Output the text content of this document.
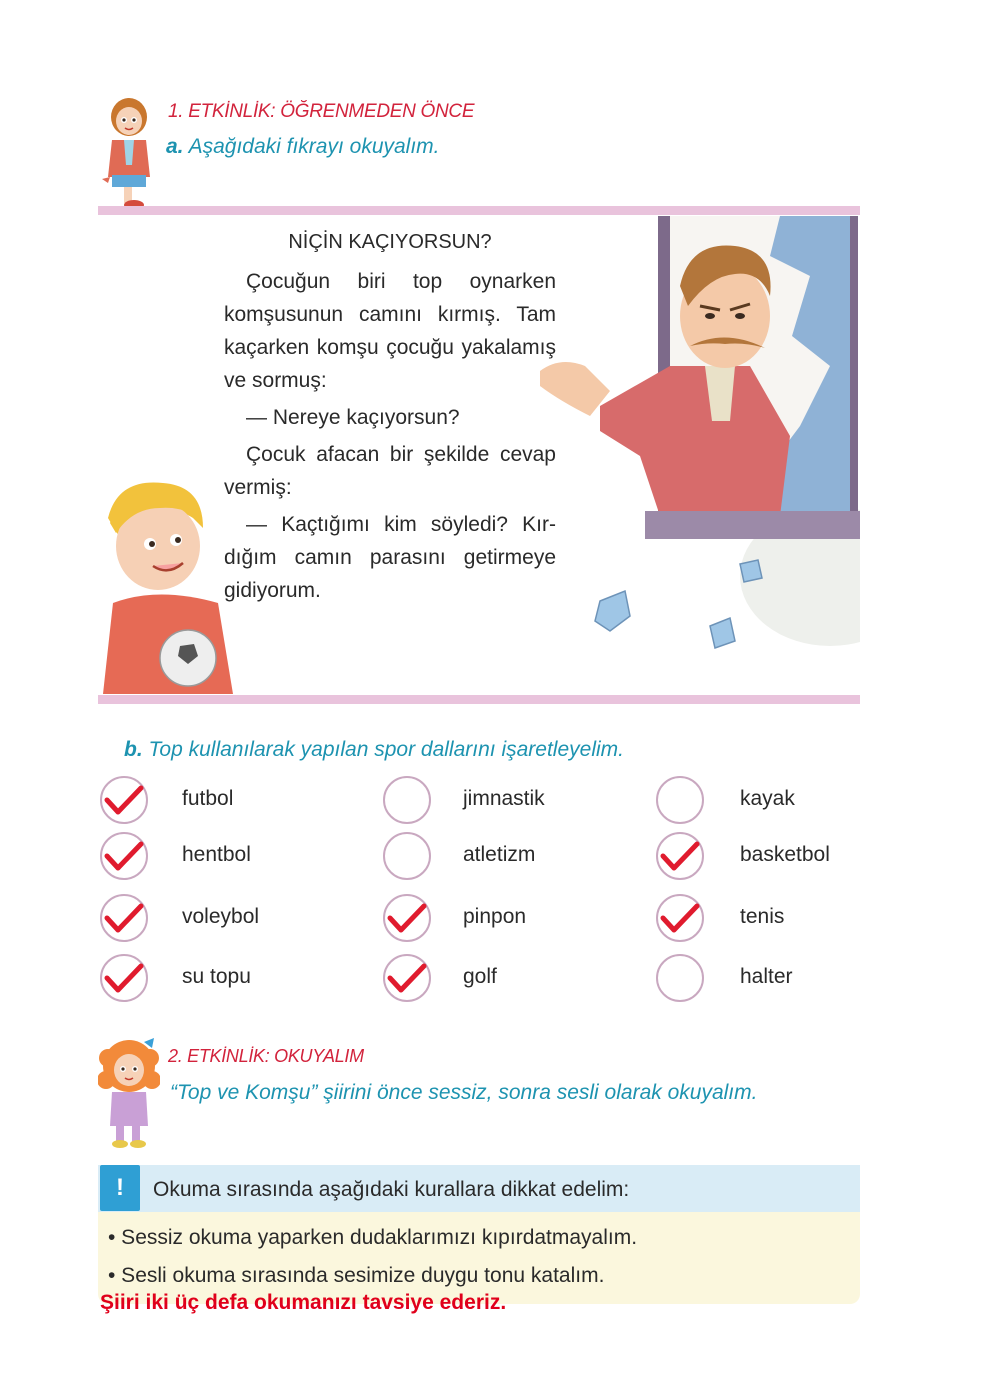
1. ETKİNLİK: ÖĞRENMEDEN ÖNCE
a. Aşağıdaki fıkrayı okuyalım.
NİÇİN KAÇIYORSUN?

Çocuğun biri top oynarken komşusunun camını kırmış. Tam kaçarken komşu çocuğu yakalamış ve sormuş:

— Nereye kaçıyorsun?

Çocuk afacan bir şekilde cevap vermiş:

— Kaçtığımı kim söyledi? Kırdığım camın parasını getirmeye gidiyorum.

b. Top kullanılarak yapılan spor dallarını işaretleyelim.
futbol	jimnastik	kayak
hentbol	atletizm	basketbol
voleybol	pinpon	tenis
su topu	golf	halter
2. ETKİNLİK: OKUYALIM
“Top ve Komşu” şiirini önce sessiz, sonra sesli olarak okuyalım.
!	Okuma sırasında aşağıdaki kurallara dikkat edelim:
• Sessiz okuma yaparken dudaklarımızı kıpırdatmayalım.
• Sesli okuma sırasında sesimize duygu tonu katalım.
Şiiri iki üç defa okumanızı tavsiye ederiz.
